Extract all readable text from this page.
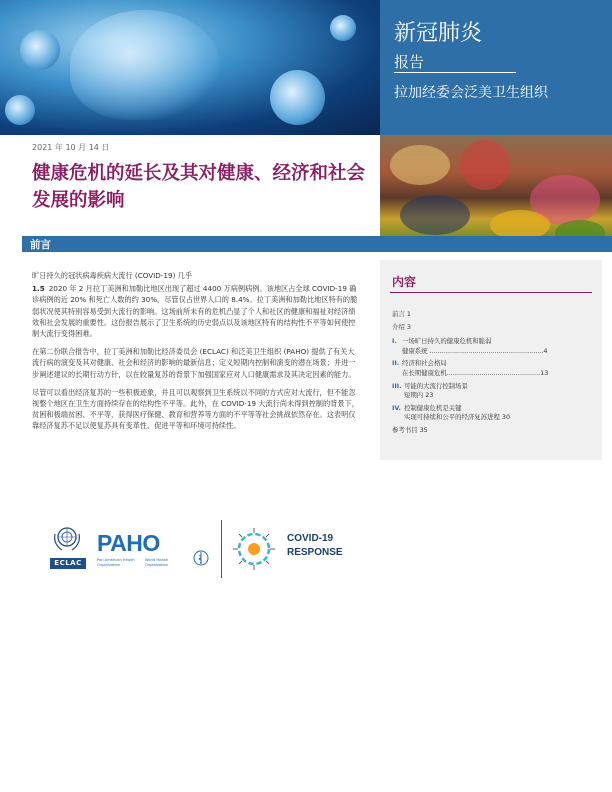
新冠肺炎
报告
拉加经委会泛美卫生组织
2021 年 10 月 14 日
健康危机的延长及其对健康、经济和社会发展的影响
前言

旷日持久的冠状病毒疾病大流行 (COVID-19) 几乎

1.5 2020 年 2 月拉丁美洲和加勒比地区出现了超过 4400 万病例病例。该地区占全球 COVID-19 确诊病例的近 20% 和死亡人数的约 30%，尽管仅占世界人口的 8.4%。拉丁美洲和加勒比地区特有的脆弱状况使其特别容易受到大流行的影响。这场前所未有的危机凸显了个人和社区的健康和福祉对经济绩效和社会发展的重要性。这份报告展示了卫生系统的历史弱点以及该地区特有的结构性不平等如何使控制大流行变得困难。

在第二份联合报告中，拉丁美洲和加勒比经济委员会 (ECLAC) 和泛美卫生组织 (PAHO) 提供了有关大流行病的演变及其对健康、社会和经济的影响的最新信息；定义短期内控制和演变的潜在场景；并进一步阐述建议的长期行动方针，以在较量复苏的背景下加强国家应对人口健康需求及其决定因素的能力。

尽管可以看出经济复苏的一些积极迹象，并且可以观察到卫生系统以不同的方式应对大流行，但不能忽视整个地区在卫生方面持续存在的结构性不平等。此外，在 COVID-19 大流行尚未得到控制的背景下，贫困和极端贫困、不平等、获得医疗保健、教育和营养等方面的不平等等社会挑战依然存在。这表明仅靠经济复苏不足以使复苏具有变革性、促进平等和环境可持续性。

内容
前言 1
介绍 3
I. 一场旷日持久的健康危机和脆弱
健康系统 ........................................................4
II. 经济和社会格局
在长期健康危机..............................................13
III. 可能的大流行控制场景
短期内 23
IV. 控制健康危机是关键
实现可持续和公平的经济复苏进程 30
参考书目 35
ECLAC
PAHO
Pan American Health Organization
World Health Organization
COVID-19
RESPONSE
